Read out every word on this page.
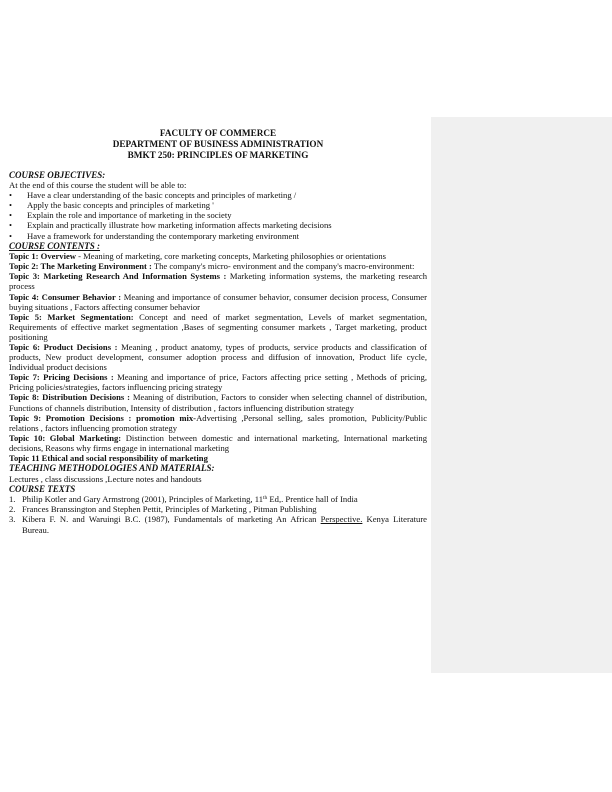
FACULTY OF COMMERCE
DEPARTMENT OF BUSINESS ADMINISTRATION
BMKT 250: PRINCIPLES OF MARKETING
COURSE OBJECTIVES:

At the end of this course the student will be able to:

• Have a clear understanding of the basic concepts and principles of marketing /
• Apply the basic concepts and principles of marketing '
• Explain the role and importance of marketing in the society
• Explain and practically illustrate how marketing information affects marketing decisions
• Have a framework for understanding the contemporary marketing environment
COURSE CONTENTS :

Topic 1: Overview - Meaning of marketing, core marketing concepts, Marketing philosophies or orientations

Topic 2: The Marketing Environment : The company's micro- environment and the company's macro-environment:

Topic 3: Marketing Research And Information Systems : Marketing information systems, the marketing research process

Topic 4: Consumer Behavior : Meaning and importance of consumer behavior, consumer decision process, Consumer buying situations , Factors affecting consumer behavior

Topic 5: Market Segmentation: Concept and need of market segmentation, Levels of market segmentation, Requirements of effective market segmentation ,Bases of segmenting consumer markets , Target marketing, product positioning

Topic 6: Product Decisions : Meaning , product anatomy, types of products, service products and classification of products, New product development, consumer adoption process and diffusion of innovation, Product life cycle, Individual product decisions

Topic 7: Pricing Decisions : Meaning and importance of price, Factors affecting price setting , Methods of pricing, Pricing policies/strategies, factors influencing pricing strategy

Topic 8: Distribution Decisions : Meaning of distribution, Factors to consider when selecting channel of distribution, Functions of channels distribution, Intensity of distribution , factors influencing distribution strategy

Topic 9: Promotion Decisions : promotion mix-Advertising ,Personal selling, sales promotion, Publicity/Public relations , factors influencing promotion strategy

Topic 10: Global Marketing: Distinction between domestic and international marketing, International marketing decisions, Reasons why firms engage in international marketing

Topic 11 Ethical and social responsibility of marketing

TEACHING METHODOLOGIES AND MATERIALS:

Lectures , class discussions ,Lecture notes and handouts

COURSE TEXTS
1. Philip Kotler and Gary Armstrong (2001), Principles of Marketing, 11th Ed,. Prentice hall of India
2. Frances Branssington and Stephen Pettit, Principles of Marketing , Pitman Publishing
3. Kibera F. N. and Waruingi B.C. (1987), Fundamentals of marketing An African Perspective. Kenya Literature Bureau.
